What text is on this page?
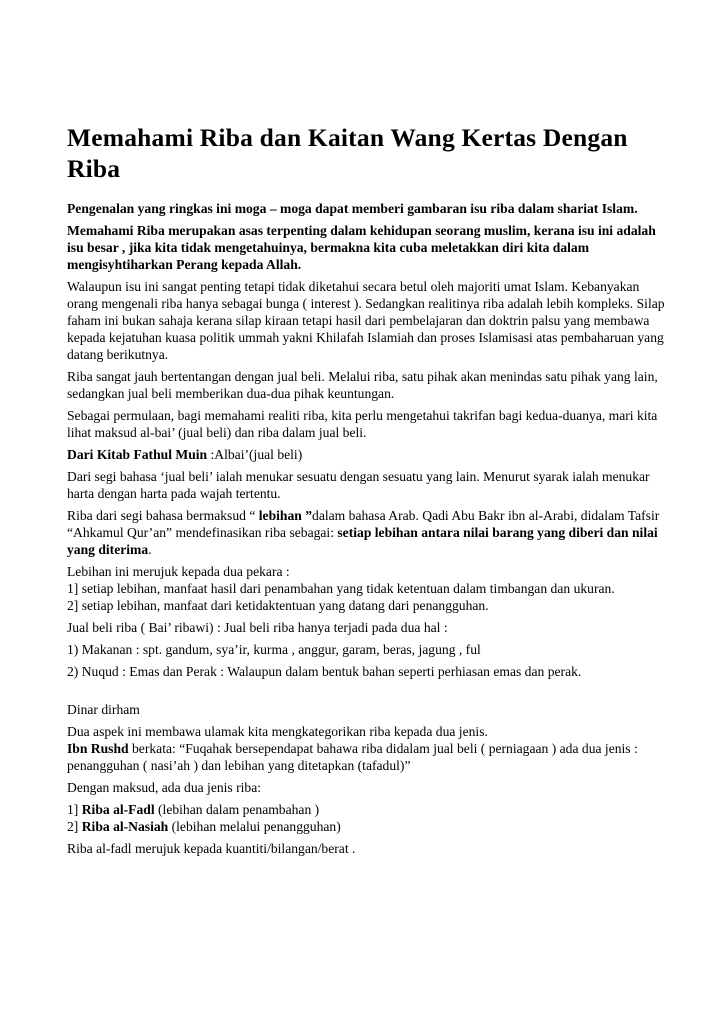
Memahami Riba dan Kaitan Wang Kertas Dengan Riba

Pengenalan yang ringkas ini moga – moga dapat memberi gambaran isu riba dalam shariat Islam.

Memahami Riba merupakan asas terpenting dalam kehidupan seorang muslim, kerana isu ini adalah isu besar , jika kita tidak mengetahuinya, bermakna kita cuba meletakkan diri kita dalam mengisyhtiharkan Perang kepada Allah.

Walaupun isu ini sangat penting tetapi tidak diketahui secara betul oleh majoriti umat Islam. Kebanyakan orang mengenali riba hanya sebagai bunga ( interest ). Sedangkan realitinya riba adalah lebih kompleks. Silap faham ini bukan sahaja kerana silap kiraan tetapi hasil dari pembelajaran dan doktrin palsu yang membawa kepada kejatuhan kuasa politik ummah yakni Khilafah Islamiah dan proses Islamisasi atas pembaharuan yang datang berikutnya.

Riba sangat jauh bertentangan dengan jual beli. Melalui riba, satu pihak akan menindas satu pihak yang lain, sedangkan jual beli memberikan dua-dua pihak keuntungan.

Sebagai permulaan, bagi memahami realiti riba, kita perlu mengetahui takrifan bagi kedua-duanya, mari kita lihat maksud al-bai’ (jual beli) dan riba dalam jual beli.

Dari Kitab Fathul Muin :Albai’(jual beli)

Dari segi bahasa ‘jual beli’ ialah menukar sesuatu dengan sesuatu yang lain. Menurut syarak ialah menukar harta dengan harta pada wajah tertentu.

Riba dari segi bahasa bermaksud “ lebihan ”dalam bahasa Arab. Qadi Abu Bakr ibn al-Arabi, didalam Tafsir “Ahkamul Qur’an” mendefinasikan riba sebagai: setiap lebihan antara nilai barang yang diberi dan nilai yang diterima.

Lebihan ini merujuk kepada dua pekara :
1] setiap lebihan, manfaat hasil dari penambahan yang tidak ketentuan dalam timbangan dan ukuran.
2] setiap lebihan, manfaat dari ketidaktentuan yang datang dari penangguhan.

Jual beli riba ( Bai’ ribawi) : Jual beli riba hanya terjadi pada dua hal :

1) Makanan : spt. gandum, sya’ir, kurma , anggur, garam, beras, jagung , ful

2) Nuqud : Emas dan Perak : Walaupun dalam bentuk bahan seperti perhiasan emas dan perak.

Dinar dirham

Dua aspek ini membawa ulamak kita mengkategorikan riba kepada dua jenis.
Ibn Rushd berkata: “Fuqahak bersependapat bahawa riba didalam jual beli ( perniagaan ) ada dua jenis : penangguhan ( nasi’ah ) dan lebihan yang ditetapkan (tafadul)”

Dengan maksud, ada dua jenis riba:

1] Riba al-Fadl (lebihan dalam penambahan )
2] Riba al-Nasiah (lebihan melalui penangguhan)

Riba al-fadl merujuk kepada kuantiti/bilangan/berat .
